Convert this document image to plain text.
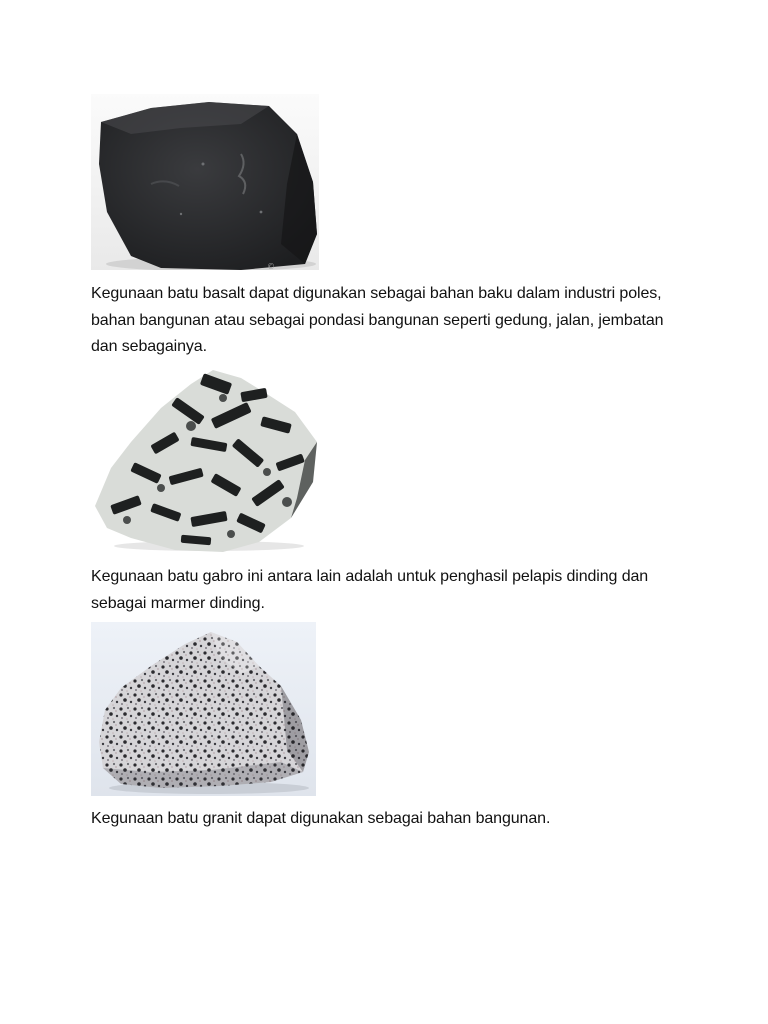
©

Kegunaan batu basalt dapat digunakan sebagai bahan baku dalam industri poles, bahan bangunan atau sebagai pondasi bangunan seperti gedung, jalan, jembatan dan sebagainya.

Kegunaan batu gabro ini antara lain adalah untuk penghasil pelapis dinding dan sebagai marmer dinding.

Kegunaan batu granit dapat digunakan sebagai bahan bangunan.
